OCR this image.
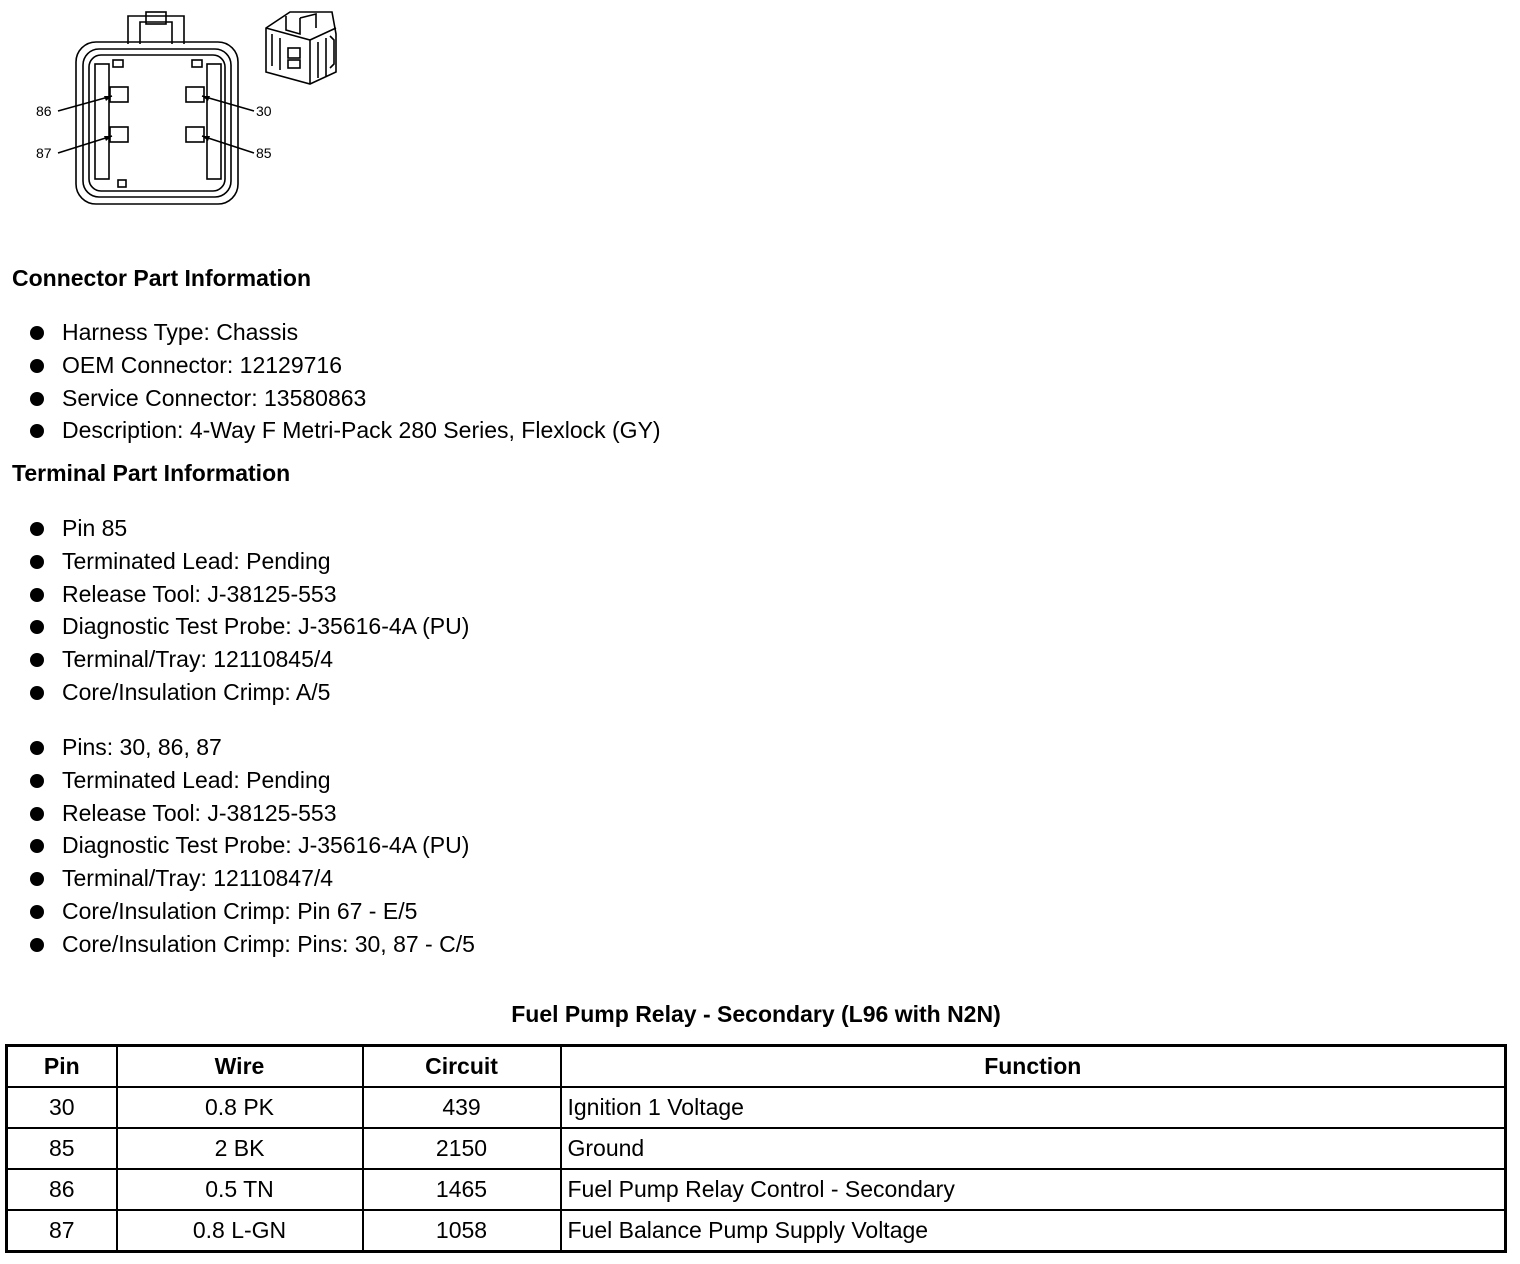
86
87
30
85
Connector Part Information
Harness Type: Chassis
OEM Connector: 12129716
Service Connector: 13580863
Description: 4-Way F Metri-Pack 280 Series, Flexlock (GY)
Terminal Part Information
Pin 85
Terminated Lead: Pending
Release Tool: J-38125-553
Diagnostic Test Probe: J-35616-4A (PU)
Terminal/Tray: 12110845/4
Core/Insulation Crimp: A/5
Pins: 30, 86, 87
Terminated Lead: Pending
Release Tool: J-38125-553
Diagnostic Test Probe: J-35616-4A (PU)
Terminal/Tray: 12110847/4
Core/Insulation Crimp: Pin 67 - E/5
Core/Insulation Crimp: Pins: 30, 87 - C/5
Fuel Pump Relay - Secondary (L96 with N2N)
Pin	Wire	Circuit	Function
30	0.8 PK	439	Ignition 1 Voltage
85	2 BK	2150	Ground
86	0.5 TN	1465	Fuel Pump Relay Control - Secondary
87	0.8 L-GN	1058	Fuel Balance Pump Supply Voltage
